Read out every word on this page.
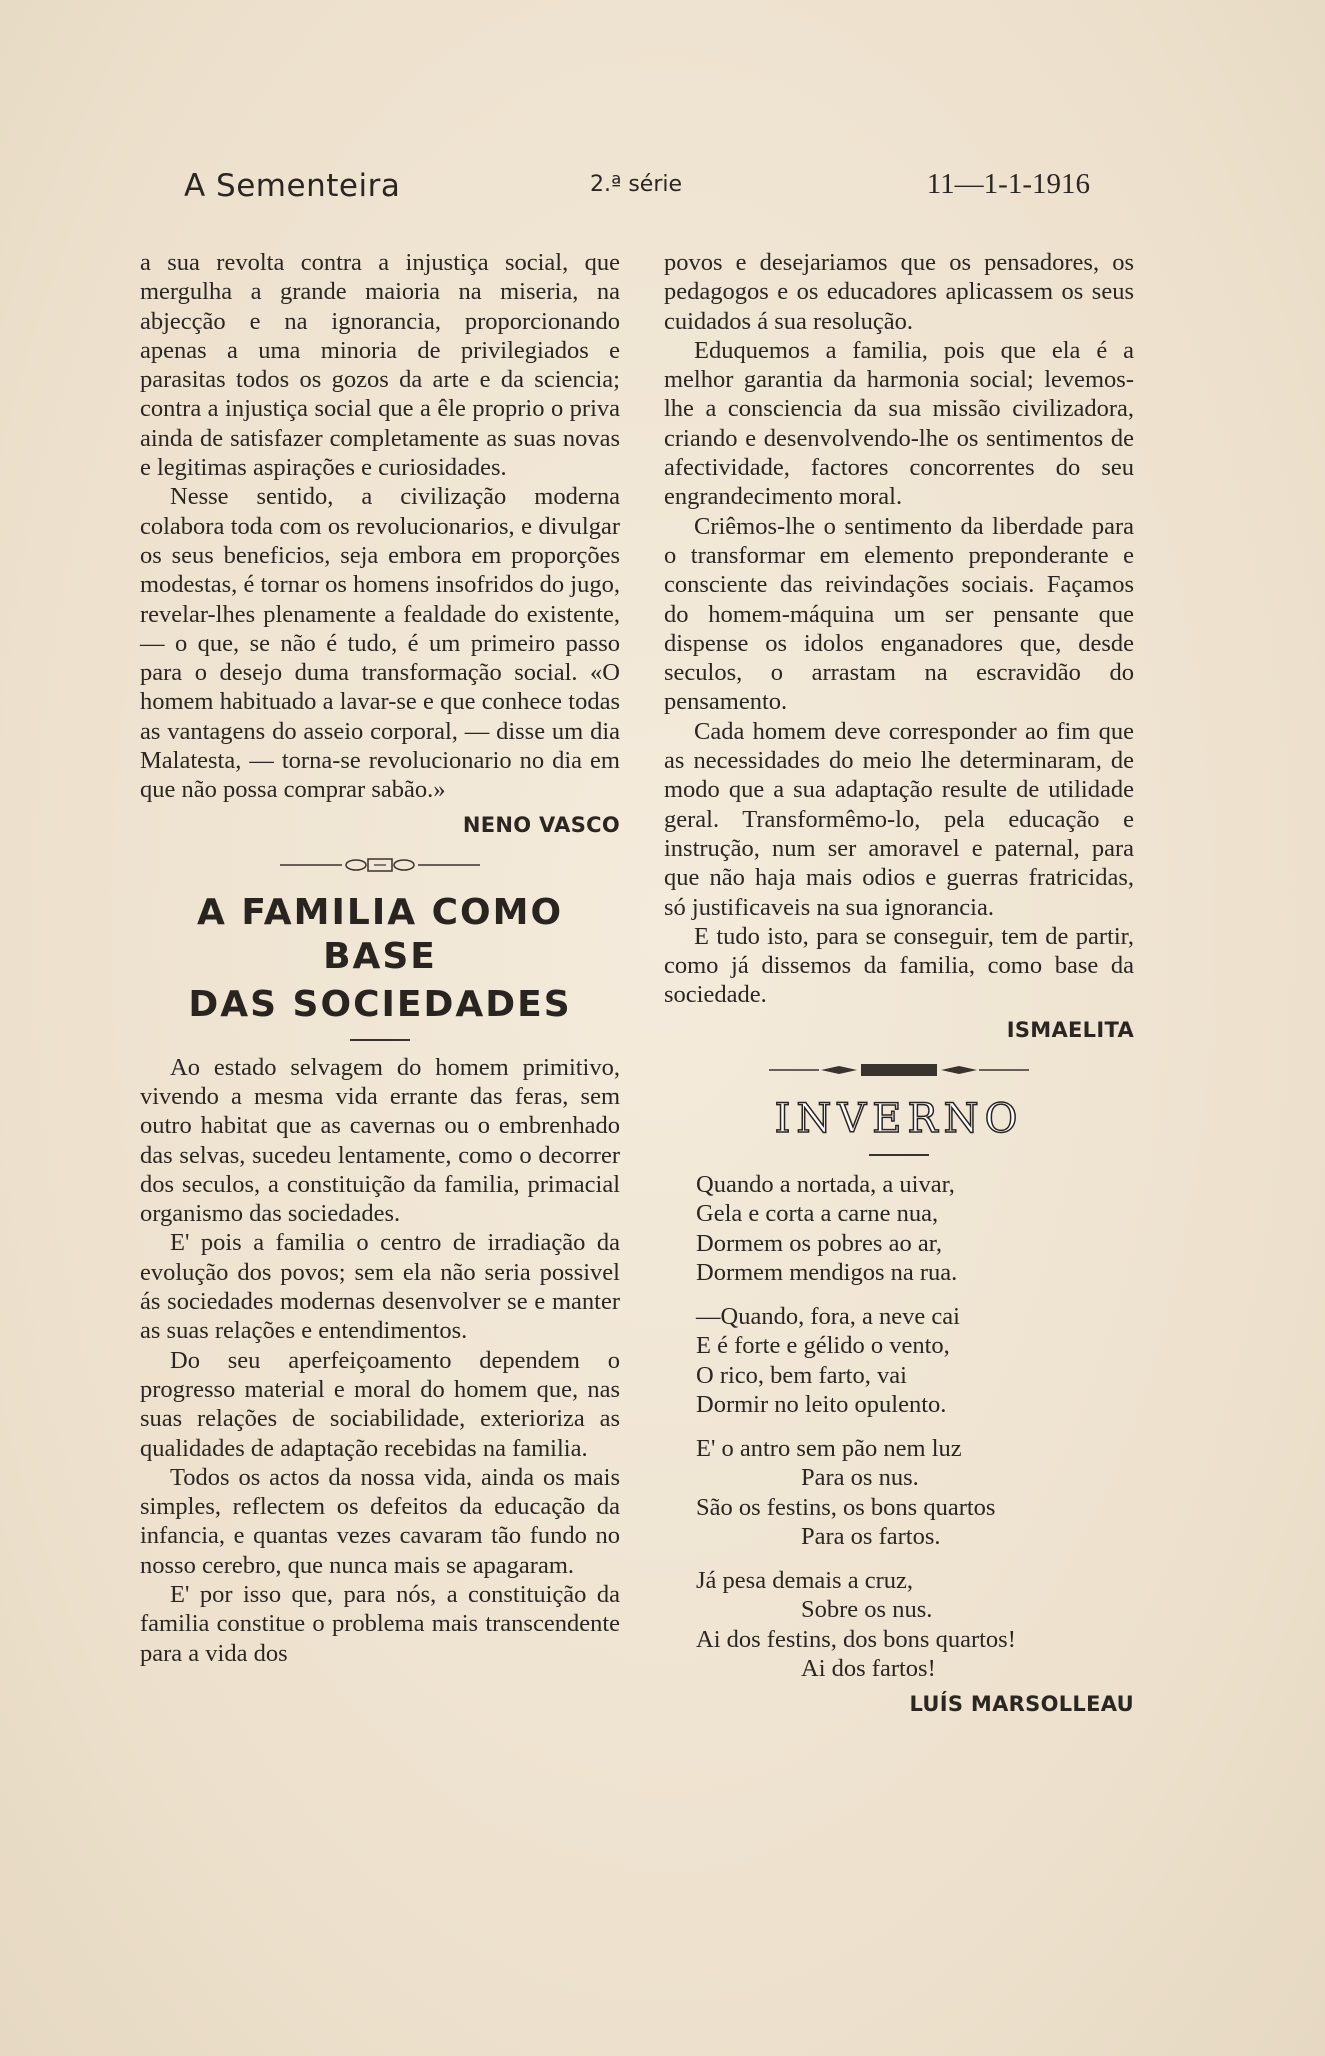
A Sementeira	2.ª série	11—1-1-1916

a sua revolta contra a injustiça social, que mergulha a grande maioria na miseria, na abjecção e na ignorancia, proporcionando apenas a uma minoria de privilegiados e parasitas todos os gozos da arte e da sciencia; contra a injustiça social que a êle proprio o priva ainda de satisfazer completamente as suas novas e legitimas aspirações e curiosidades.

Nesse sentido, a civilização moderna colabora toda com os revolucionarios, e divulgar os seus beneficios, seja embora em proporções modestas, é tornar os homens insofridos do jugo, revelar-lhes plenamente a fealdade do existente, — o que, se não é tudo, é um primeiro passo para o desejo duma transformação social. «O homem habituado a lavar-se e que conhece todas as vantagens do asseio corporal, — disse um dia Malatesta, — torna-se revolucionario no dia em que não possa comprar sabão.»

NENO VASCO

A FAMILIA COMO BASE
DAS SOCIEDADES

Ao estado selvagem do homem primitivo, vivendo a mesma vida errante das feras, sem outro habitat que as cavernas ou o embrenhado das selvas, sucedeu lentamente, como o decorrer dos seculos, a constituição da familia, primacial organismo das sociedades.

E' pois a familia o centro de irradiação da evolução dos povos; sem ela não seria possivel ás sociedades modernas desenvolver se e manter as suas relações e entendimentos.

Do seu aperfeiçoamento dependem o progresso material e moral do homem que, nas suas relações de sociabilidade, exterioriza as qualidades de adaptação recebidas na familia.

Todos os actos da nossa vida, ainda os mais simples, reflectem os defeitos da educação da infancia, e quantas vezes cavaram tão fundo no nosso cerebro, que nunca mais se apagaram.

E' por isso que, para nós, a constituição da familia constitue o problema mais transcendente para a vida dos

povos e desejariamos que os pensadores, os pedagogos e os educadores aplicassem os seus cuidados á sua resolução.

Eduquemos a familia, pois que ela é a melhor garantia da harmonia social; levemos-lhe a consciencia da sua missão civilizadora, criando e desenvolvendo-lhe os sentimentos de afectividade, factores concorrentes do seu engrandecimento moral.

Criêmos-lhe o sentimento da liberdade para o transformar em elemento preponderante e consciente das reivindações sociais. Façamos do homem-máquina um ser pensante que dispense os idolos enganadores que, desde seculos, o arrastam na escravidão do pensamento.

Cada homem deve corresponder ao fim que as necessidades do meio lhe determinaram, de modo que a sua adaptação resulte de utilidade geral. Transformêmo-lo, pela educação e instrução, num ser amoravel e paternal, para que não haja mais odios e guerras fratricidas, só justificaveis na sua ignorancia.

E tudo isto, para se conseguir, tem de partir, como já dissemos da familia, como base da sociedade.

ISMAELITA

INVERNO
Quando a nortada, a uivar,
Gela e corta a carne nua,
Dormem os pobres ao ar,
Dormem mendigos na rua.
—Quando, fora, a neve cai
E é forte e gélido o vento,
O rico, bem farto, vai
Dormir no leito opulento.
E' o antro sem pão nem luz
Para os nus.
São os festins, os bons quartos
Para os fartos.
Já pesa demais a cruz,
Sobre os nus.
Ai dos festins, dos bons quartos!
Ai dos fartos!

LUÍS MARSOLLEAU
